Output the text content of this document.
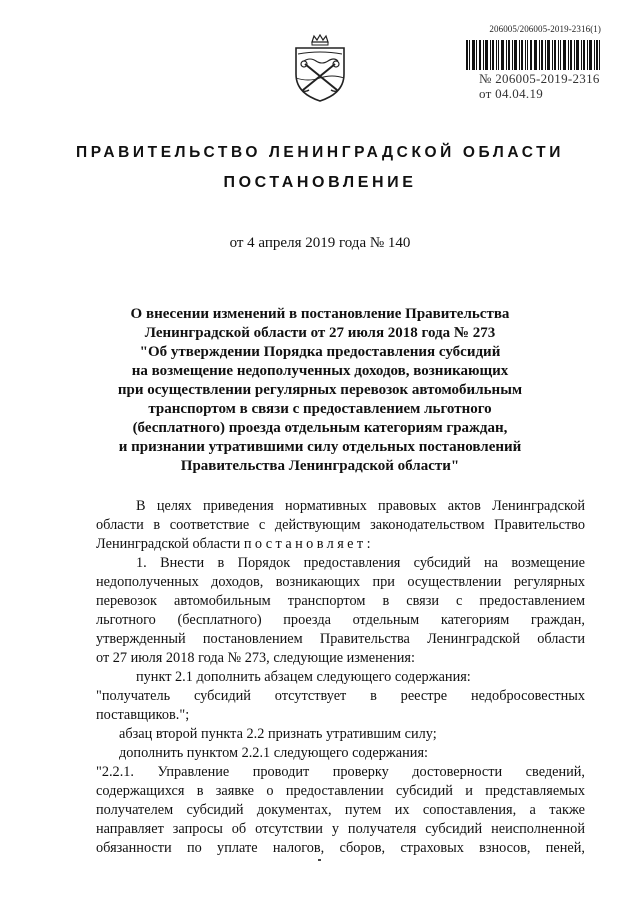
206005/206005-2019-2316(1)
№ 206005-2019-2316
от 04.04.19
ПРАВИТЕЛЬСТВО ЛЕНИНГРАДСКОЙ ОБЛАСТИ
ПОСТАНОВЛЕНИЕ
от 4 апреля 2019 года № 140
О внесении изменений в постановление Правительства
Ленинградской области от 27 июля 2018 года № 273
"Об утверждении Порядка предоставления субсидий
на возмещение недополученных доходов, возникающих
при осуществлении регулярных перевозок автомобильным
транспортом в связи с предоставлением льготного
(бесплатного) проезда отдельным категориям граждан,
и признании утратившими силу отдельных постановлений
Правительства Ленинградской области"
В целях приведения нормативных правовых актов Ленинградской
области в соответствие с действующим законодательством Правительство
Ленинградской области постановляет:
1. Внести в Порядок предоставления субсидий на возмещение
недополученных доходов, возникающих при осуществлении регулярных
перевозок автомобильным транспортом в связи с предоставлением
льготного (бесплатного) проезда отдельным категориям граждан,
утвержденный постановлением Правительства Ленинградской области
от 27 июля 2018 года № 273, следующие изменения:
пункт 2.1 дополнить абзацем следующего содержания:
"получатель субсидий отсутствует в реестре недобросовестных
поставщиков.";
абзац второй пункта 2.2 признать утратившим силу;
дополнить пунктом 2.2.1 следующего содержания:
"2.2.1. Управление проводит проверку достоверности сведений,
содержащихся в заявке о предоставлении субсидий и представляемых
получателем субсидий документах, путем их сопоставления, а также
направляет запросы об отсутствии у получателя субсидий неисполненной
обязанности по уплате налогов, сборов, страховых взносов, пеней,
